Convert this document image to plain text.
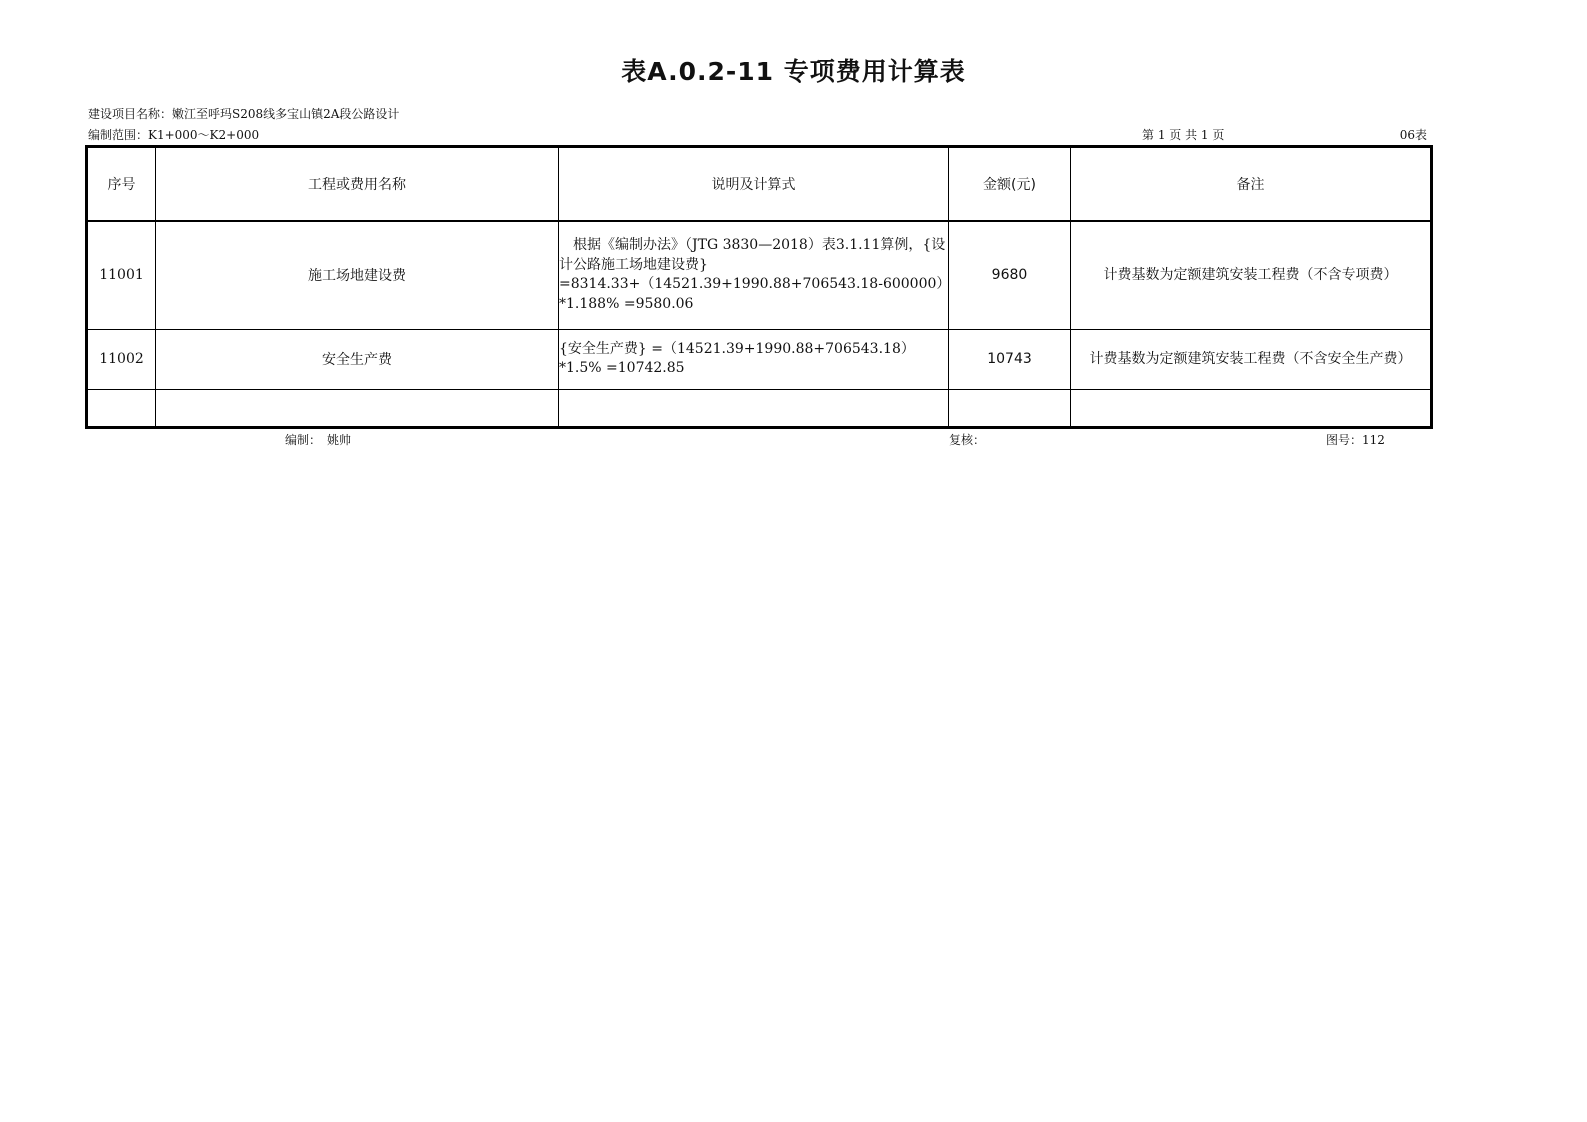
表A.0.2-11 专项费用计算表
建设项目名称：嫩江至呼玛S208线多宝山镇2A段公路设计
编制范围：K1+000～K2+000	第 1 页 共 1 页	06表
序号	工程或费用名称	说明及计算式	金额(元)	备注
11001	施工场地建设费	　根据《编制办法》（JTG 3830—2018）表3.1.11算例，{设计公路施工场地建设费} =8314.33+（14521.39+1990.88+706543.18-600000）*1.188% =9580.06	9680	计费基数为定额建筑安装工程费（不含专项费）
11002	安全生产费	{安全生产费} =（14521.39+1990.88+706543.18）*1.5% =10742.85	10743	计费基数为定额建筑安装工程费（不含安全生产费）

编制：　姚帅	复核：	图号：112
